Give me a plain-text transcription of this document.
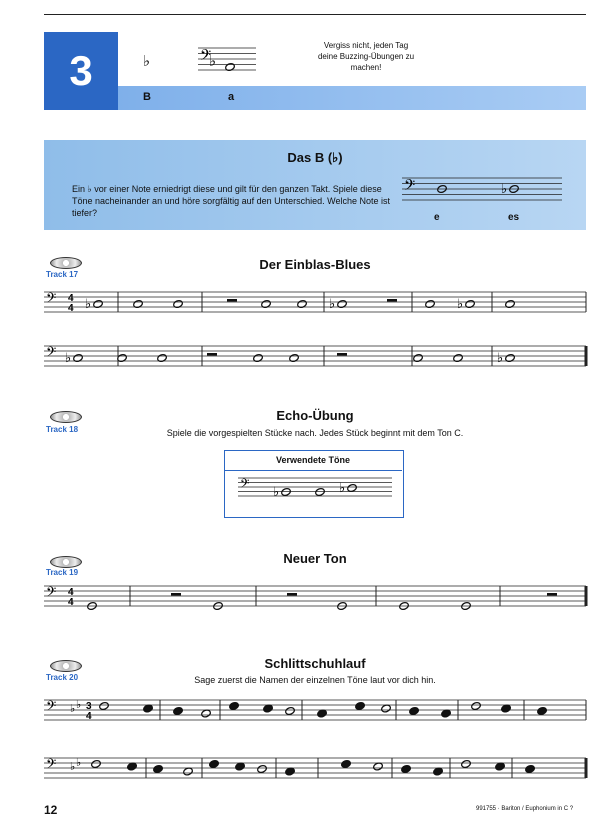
3
B	a
Vergiss nicht, jeden Tag deine Buzzing-Übungen zu machen!
Das B (♭)
Ein ♭ vor einer Note erniedrigt diese und gilt für den ganzen Takt. Spiele diese Töne nacheinander an und höre sorgfältig auf den Unterschied. Welche Note ist tiefer?	e	es
Track 17
Der Einblas-Blues
Track 18
Echo-Übung
Spiele die vorgespielten Stücke nach. Jedes Stück beginnt mit dem Ton C.
Verwendete Töne
Track 19
Neuer Ton
Track 20
Schlittschuhlauf
Sage zuerst die Namen der einzelnen Töne laut vor dich hin.
12	991755 · Bariton / Euphonium in C ?
𝄢
♭	♭
𝄢	♭
𝄢 4
4 ♭	♭	♭
𝄢 ♭	♭
𝄢 ♭	♭
𝄢 4
4
𝄢 ♭ ♭ 3
4
𝄢 ♭ ♭
